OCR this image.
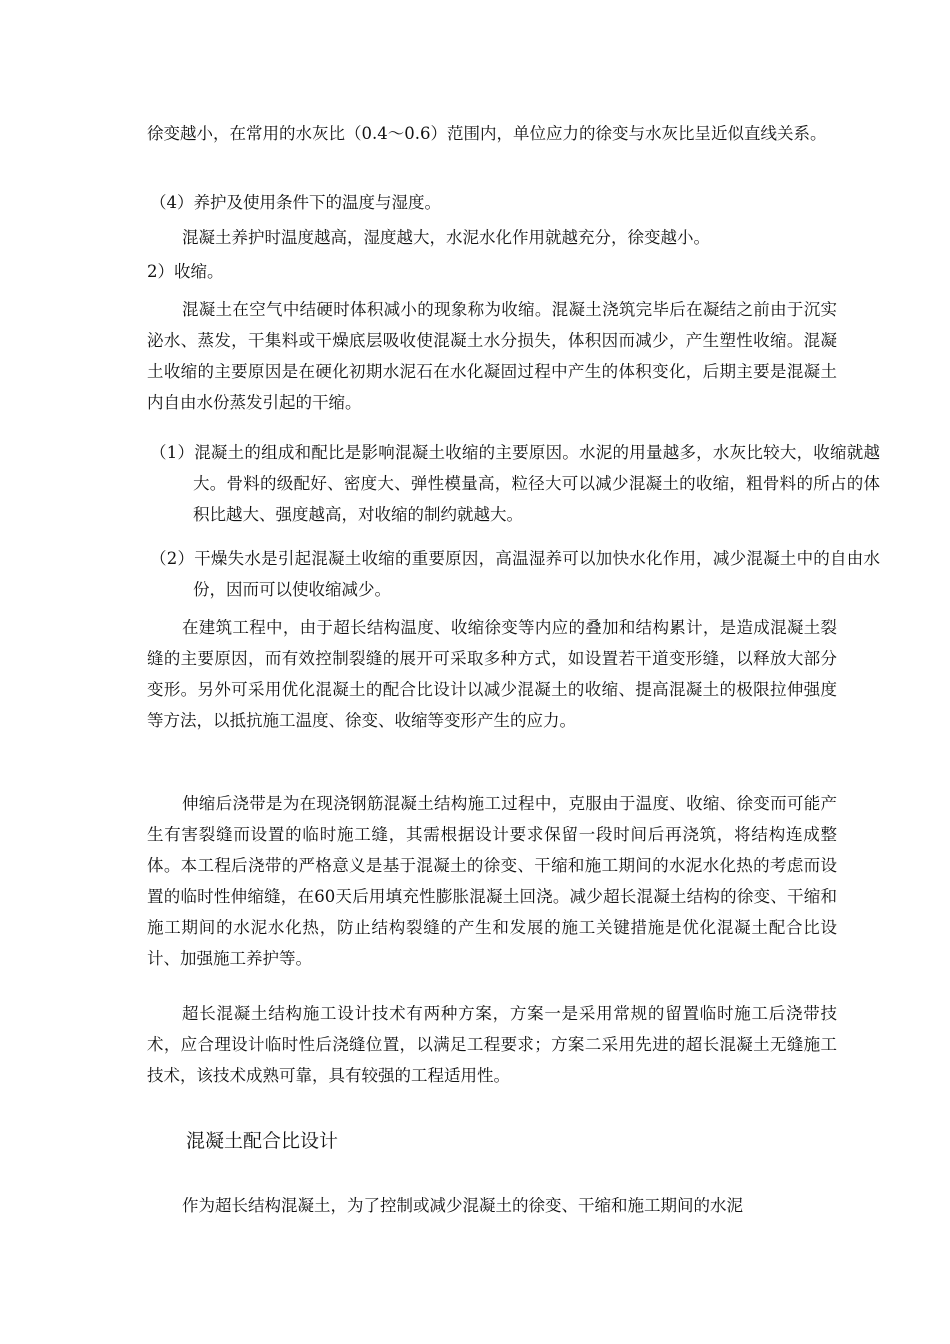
徐变越小，在常用的水灰比（0.4～0.6）范围内，单位应力的徐变与水灰比呈近似直线关系。

（4）养护及使用条件下的温度与湿度。

混凝土养护时温度越高，湿度越大，水泥水化作用就越充分，徐变越小。

2）收缩。

混凝土在空气中结硬时体积减小的现象称为收缩。混凝土浇筑完毕后在凝结之前由于沉实泌水、蒸发，干集料或干燥底层吸收使混凝土水分损失，体积因而减少，产生塑性收缩。混凝土收缩的主要原因是在硬化初期水泥石在水化凝固过程中产生的体积变化，后期主要是混凝土内自由水份蒸发引起的干缩。

（1）混凝土的组成和配比是影响混凝土收缩的主要原因。水泥的用量越多，水灰比较大，收缩就越大。骨料的级配好、密度大、弹性模量高，粒径大可以减少混凝土的收缩，粗骨料的所占的体积比越大、强度越高，对收缩的制约就越大。

（2）干燥失水是引起混凝土收缩的重要原因，高温湿养可以加快水化作用，减少混凝土中的自由水份，因而可以使收缩减少。

在建筑工程中，由于超长结构温度、收缩徐变等内应的叠加和结构累计，是造成混凝土裂缝的主要原因，而有效控制裂缝的展开可采取多种方式，如设置若干道变形缝，以释放大部分变形。另外可采用优化混凝土的配合比设计以减少混凝土的收缩、提高混凝土的极限拉伸强度等方法，以抵抗施工温度、徐变、收缩等变形产生的应力。

伸缩后浇带是为在现浇钢筋混凝土结构施工过程中，克服由于温度、收缩、徐变而可能产生有害裂缝而设置的临时施工缝，其需根据设计要求保留一段时间后再浇筑，将结构连成整体。本工程后浇带的严格意义是基于混凝土的徐变、干缩和施工期间的水泥水化热的考虑而设置的临时性伸缩缝，在60天后用填充性膨胀混凝土回浇。减少超长混凝土结构的徐变、干缩和施工期间的水泥水化热，防止结构裂缝的产生和发展的施工关键措施是优化混凝土配合比设计、加强施工养护等。

超长混凝土结构施工设计技术有两种方案，方案一是采用常规的留置临时施工后浇带技术，应合理设计临时性后浇缝位置，以满足工程要求；方案二采用先进的超长混凝土无缝施工技术，该技术成熟可靠，具有较强的工程适用性。

混凝土配合比设计

作为超长结构混凝土，为了控制或减少混凝土的徐变、干缩和施工期间的水泥
